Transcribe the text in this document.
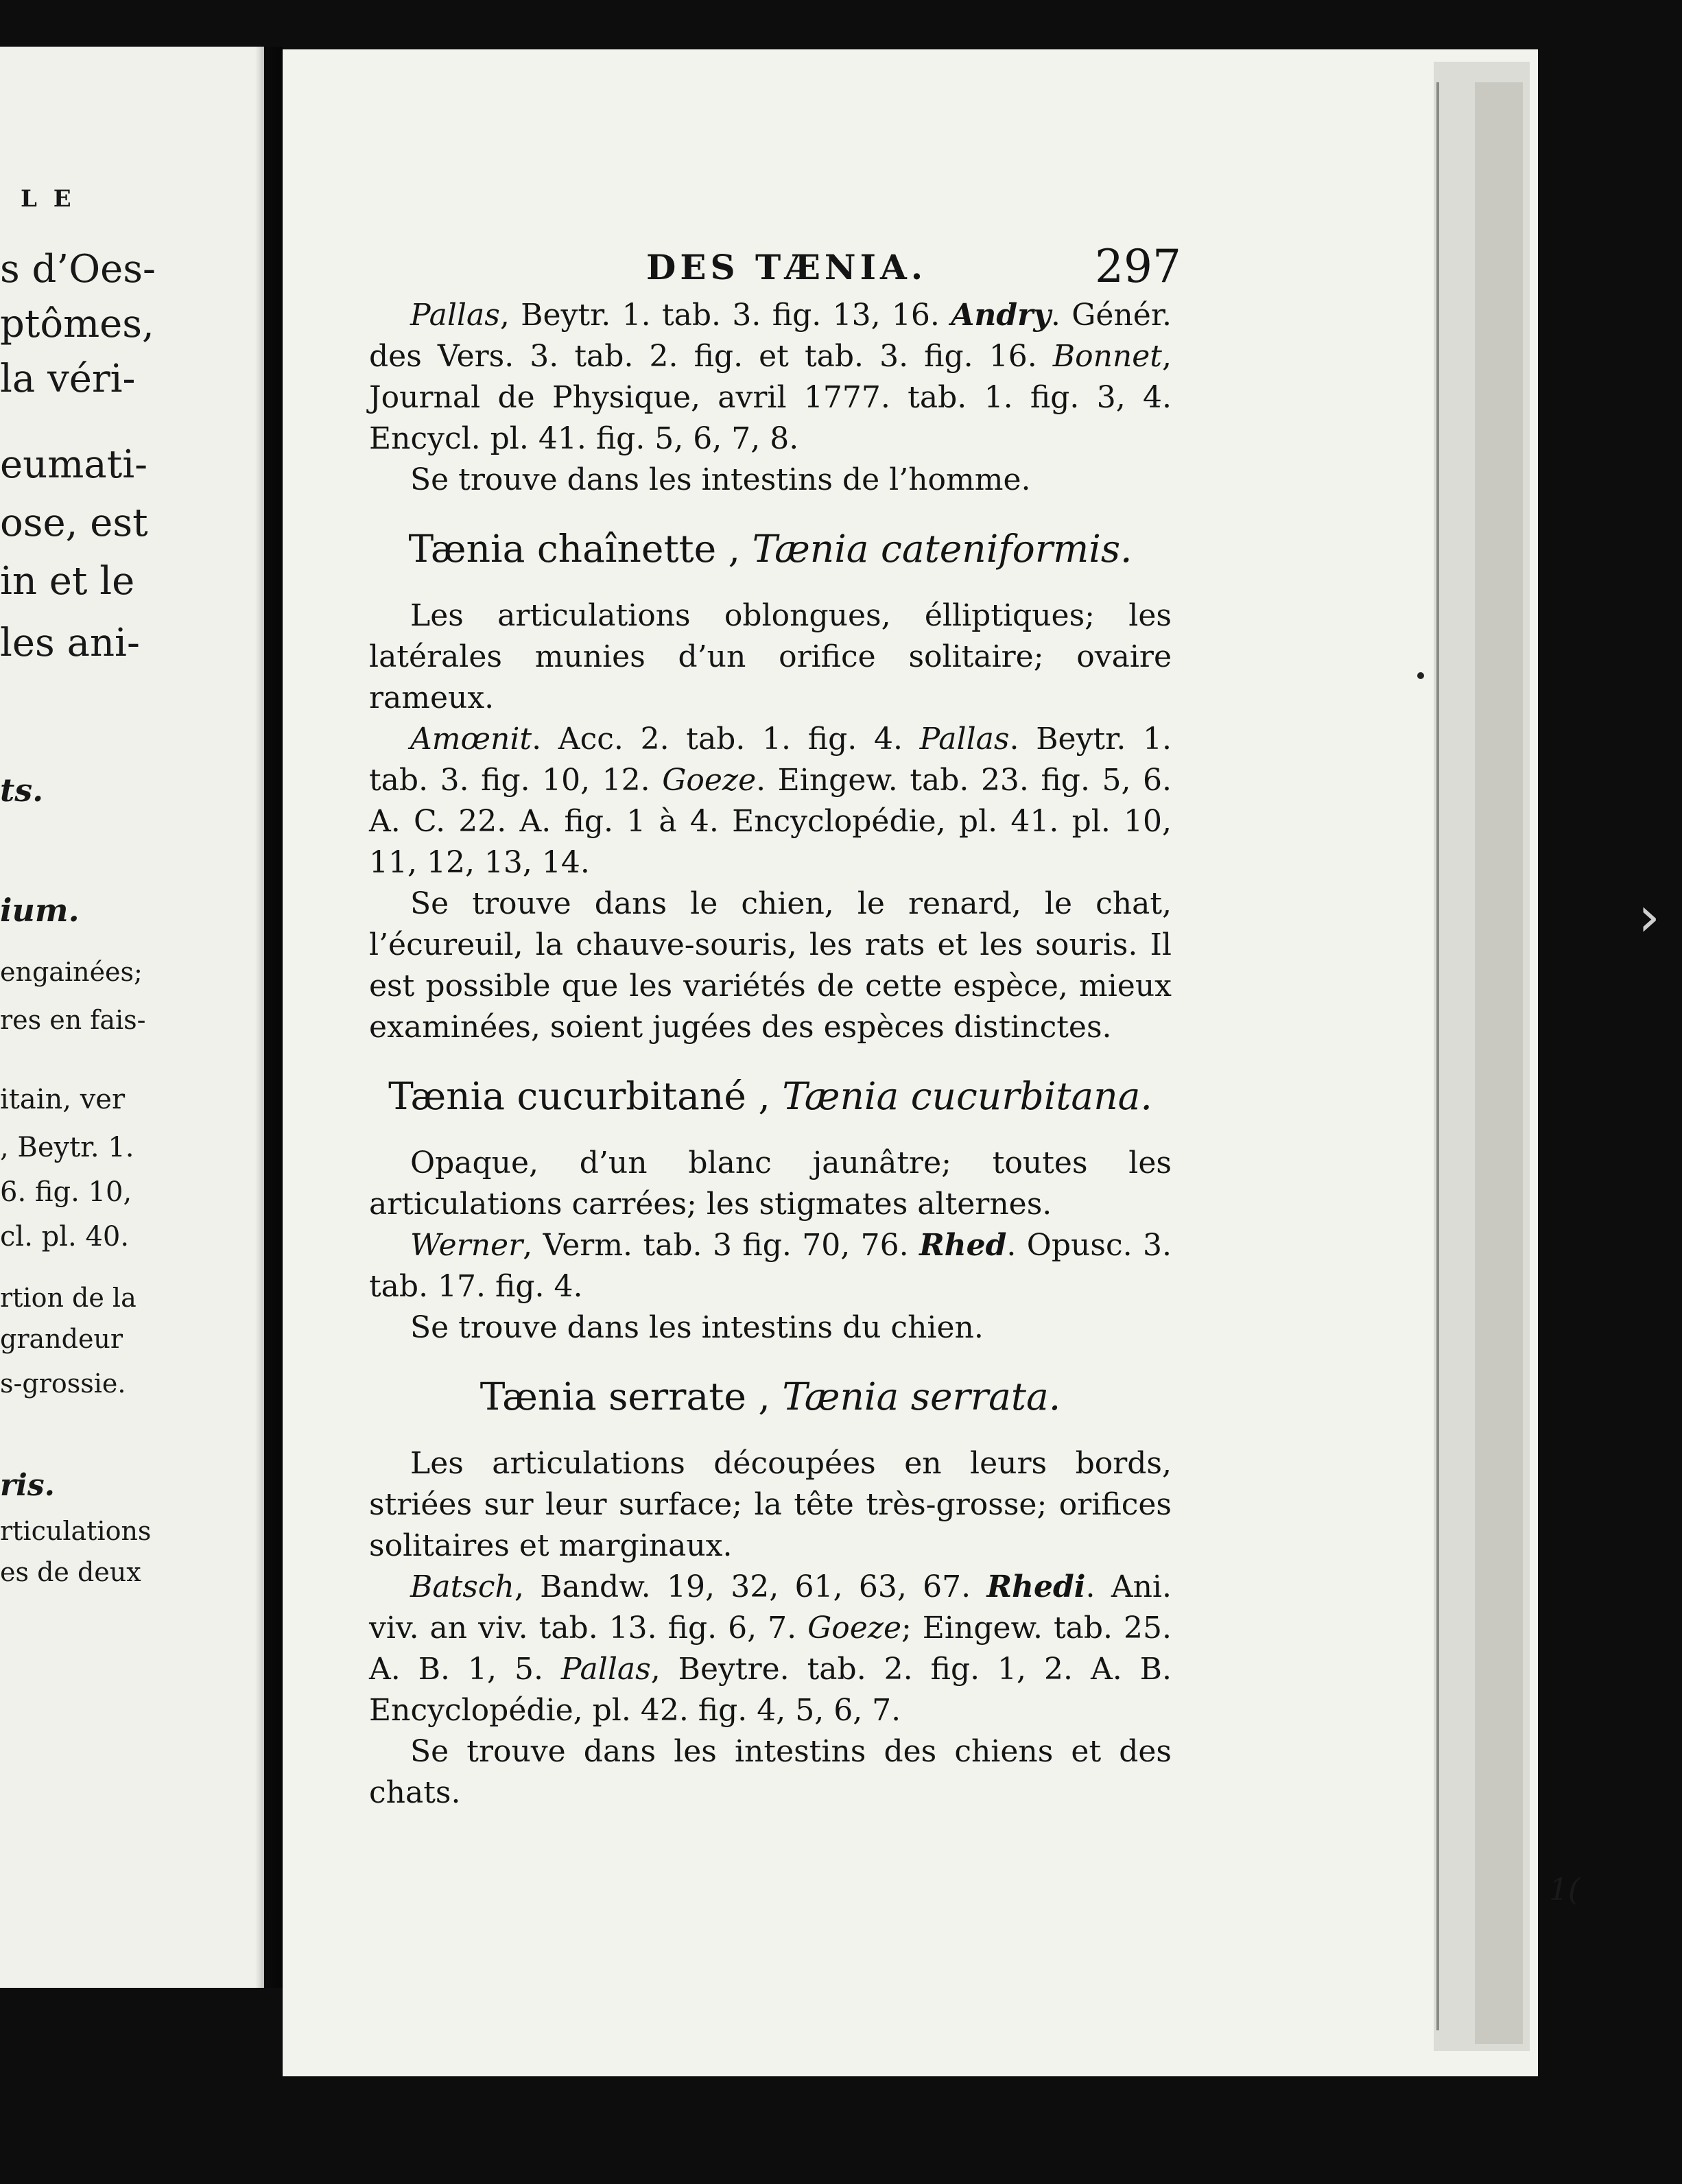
L E
s d’Oes-
ptômes,
la véri-
eumati-
ose, est
in et le
les ani-
ts.
ium.
engainées;
res en fais-
itain, ver
, Beytr. 1.
6. fig. 10,
cl. pl. 40.
rtion de la
grandeur
s-grossie.
ris.
rticulations
es de deux
DES TÆNIA.	297

Pallas, Beytr. 1. tab. 3. fig. 13, 16. Andry. Génér. des Vers. 3. tab. 2. fig. et tab. 3. fig. 16. Bonnet, Journal de Physique, avril 1777. tab. 1. fig. 3, 4. Encycl. pl. 41. fig. 5, 6, 7, 8.

Se trouve dans les intestins de l’homme.

Tænia chaînette , Tænia cateniformis.

Les articulations oblongues, élliptiques; les latérales munies d’un orifice solitaire; ovaire rameux.

Amœnit. Acc. 2. tab. 1. fig. 4. Pallas. Beytr. 1. tab. 3. fig. 10, 12. Goeze. Eingew. tab. 23. fig. 5, 6. A. C. 22. A. fig. 1 à 4. Encyclopédie, pl. 41. pl. 10, 11, 12, 13, 14.

Se trouve dans le chien, le renard, le chat, l’écureuil, la chauve-souris, les rats et les souris. Il est possible que les variétés de cette espèce, mieux examinées, soient jugées des espèces distinctes.

Tænia cucurbitané , Tænia cucurbitana.

Opaque, d’un blanc jaunâtre; toutes les articulations carrées; les stigmates alternes.

Werner, Verm. tab. 3 fig. 70, 76. Rhed. Opusc. 3. tab. 17. fig. 4.

Se trouve dans les intestins du chien.

Tænia serrate , Tænia serrata.

Les articulations découpées en leurs bords, striées sur leur surface; la tête très-grosse; orifices solitaires et marginaux.

Batsch, Bandw. 19, 32, 61, 63, 67. Rhedi. Ani. viv. an viv. tab. 13. fig. 6, 7. Goeze; Eingew. tab. 25. A. B. 1, 5. Pallas, Beytre. tab. 2. fig. 1, 2. A. B. Encyclopédie, pl. 42. fig. 4, 5, 6, 7.

Se trouve dans les intestins des chiens et des chats.

›
1(
